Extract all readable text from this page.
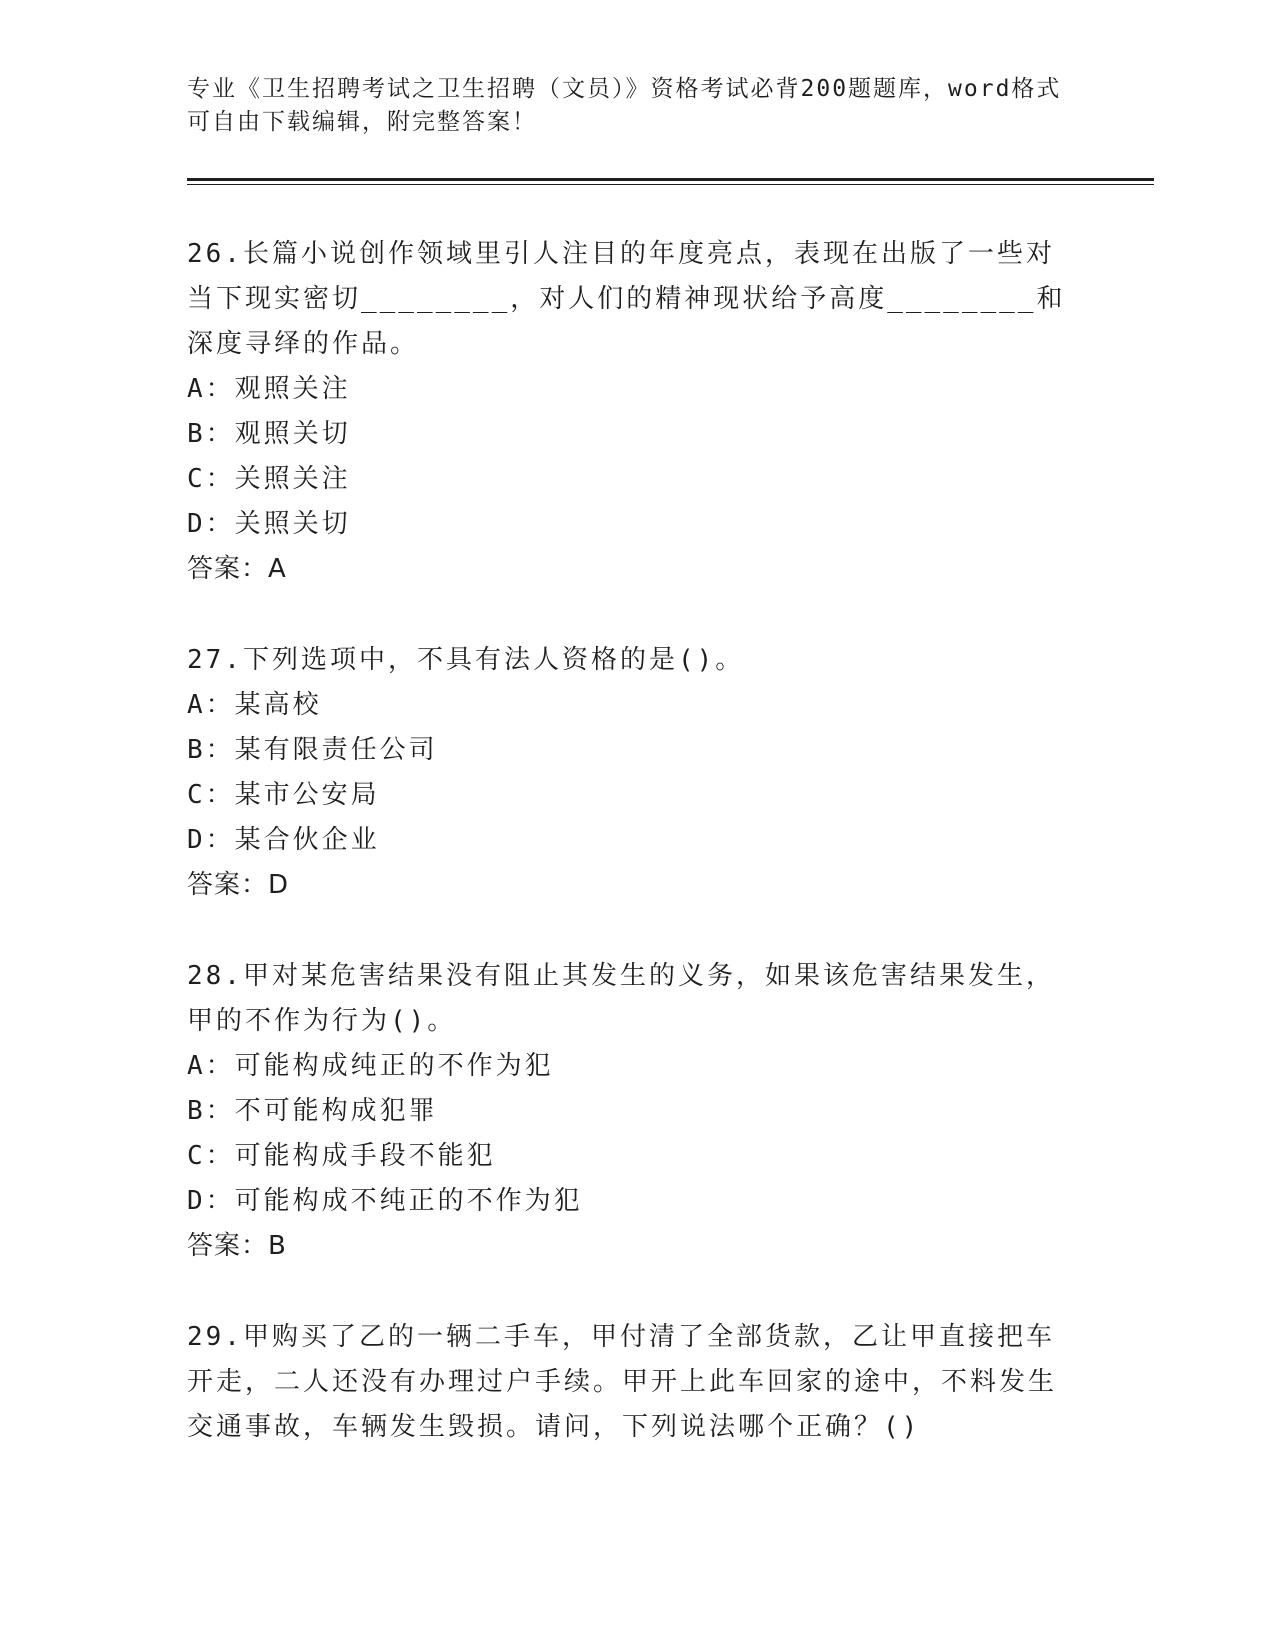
专业《卫生招聘考试之卫生招聘（文员）》资格考试必背200题题库，word格式
可自由下载编辑，附完整答案！
26.长篇小说创作领域里引人注目的年度亮点，表现在出版了一些对当下现实密切________，对人们的精神现状给予高度________和深度寻绎的作品。
A：观照关注
B：观照关切
C：关照关注
D：关照关切
答案：A
27.下列选项中，不具有法人资格的是()。
A：某高校
B：某有限责任公司
C：某市公安局
D：某合伙企业
答案：D
28.甲对某危害结果没有阻止其发生的义务，如果该危害结果发生，甲的不作为行为()。
A：可能构成纯正的不作为犯
B：不可能构成犯罪
C：可能构成手段不能犯
D：可能构成不纯正的不作为犯
答案：B
29.甲购买了乙的一辆二手车，甲付清了全部货款，乙让甲直接把车开走，二人还没有办理过户手续。甲开上此车回家的途中，不料发生交通事故，车辆发生毁损。请问，下列说法哪个正确？()
